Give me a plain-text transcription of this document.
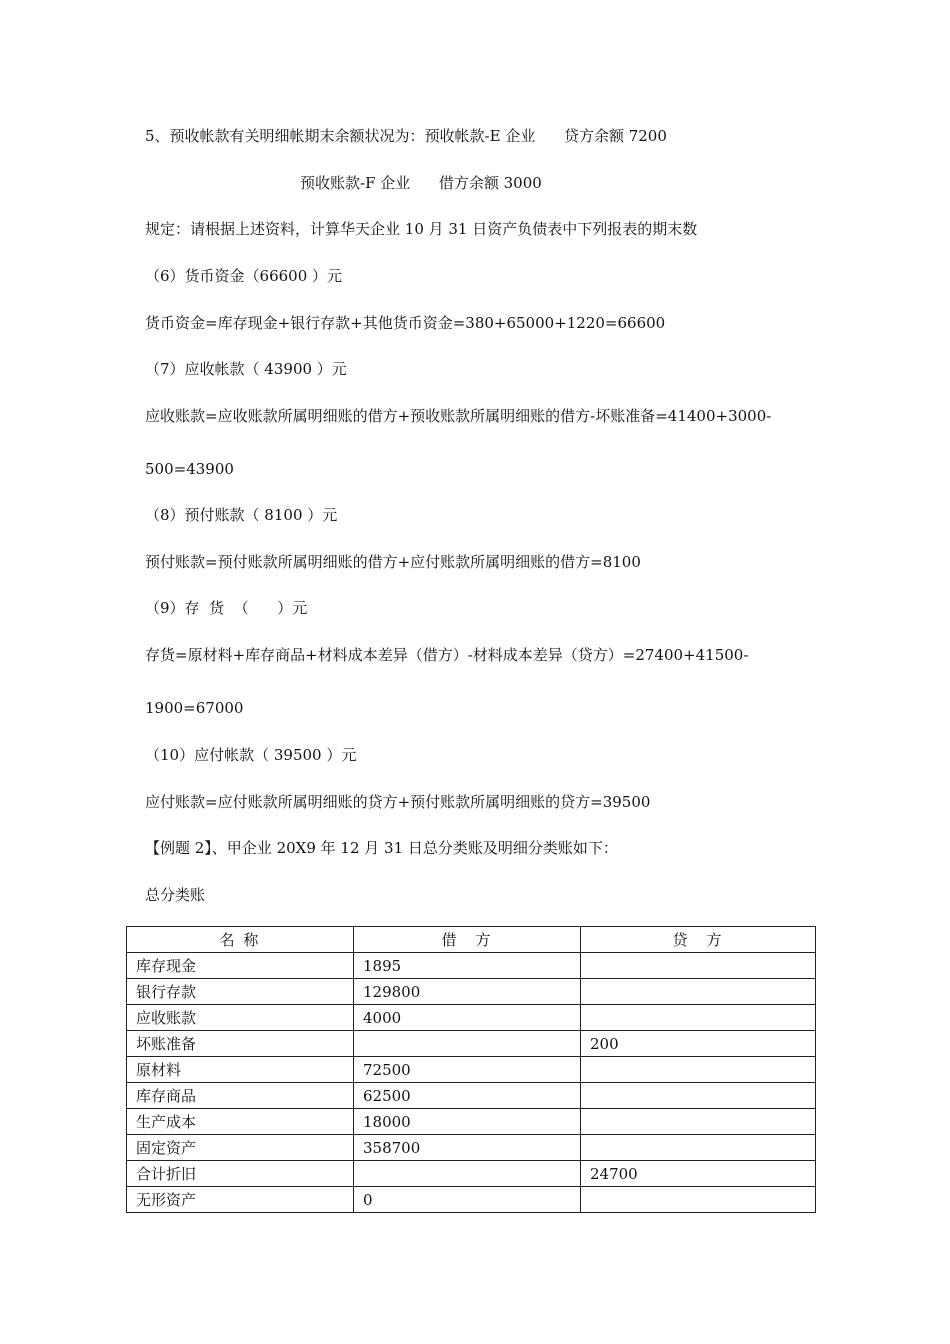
5、预收帐款有关明细帐期末余额状况为：预收帐款-E 企业      贷方余额 7200
预收账款-F 企业      借方余额 3000
规定：请根据上述资料，计算华天企业 10 月 31 日资产负债表中下列报表的期末数
（6）货币资金（66600 ）元
货币资金=库存现金+银行存款+其他货币资金=380+65000+1220=66600
（7）应收帐款（ 43900 ）元
应收账款=应收账款所属明细账的借方+预收账款所属明细账的借方-坏账准备=41400+3000-
500=43900
（8）预付账款（ 8100 ）元
预付账款=预付账款所属明细账的借方+应付账款所属明细账的借方=8100
（9）存  货  （      ）元
存货=原材料+库存商品+材料成本差异（借方）-材料成本差异（贷方）=27400+41500-
1900=67000
（10）应付帐款（ 39500 ）元
应付账款=应付账款所属明细账的贷方+预付账款所属明细账的贷方=39500
【例题 2】、甲企业 20X9 年 12 月 31 日总分类账及明细分类账如下：
总分类账
名 称	借　方	贷　方
库存现金	1895	
银行存款	129800	
应收账款	4000	
坏账准备		200
原材料	72500	
库存商品	62500	
生产成本	18000	
固定资产	358700	
合计折旧		24700
无形资产	0	
